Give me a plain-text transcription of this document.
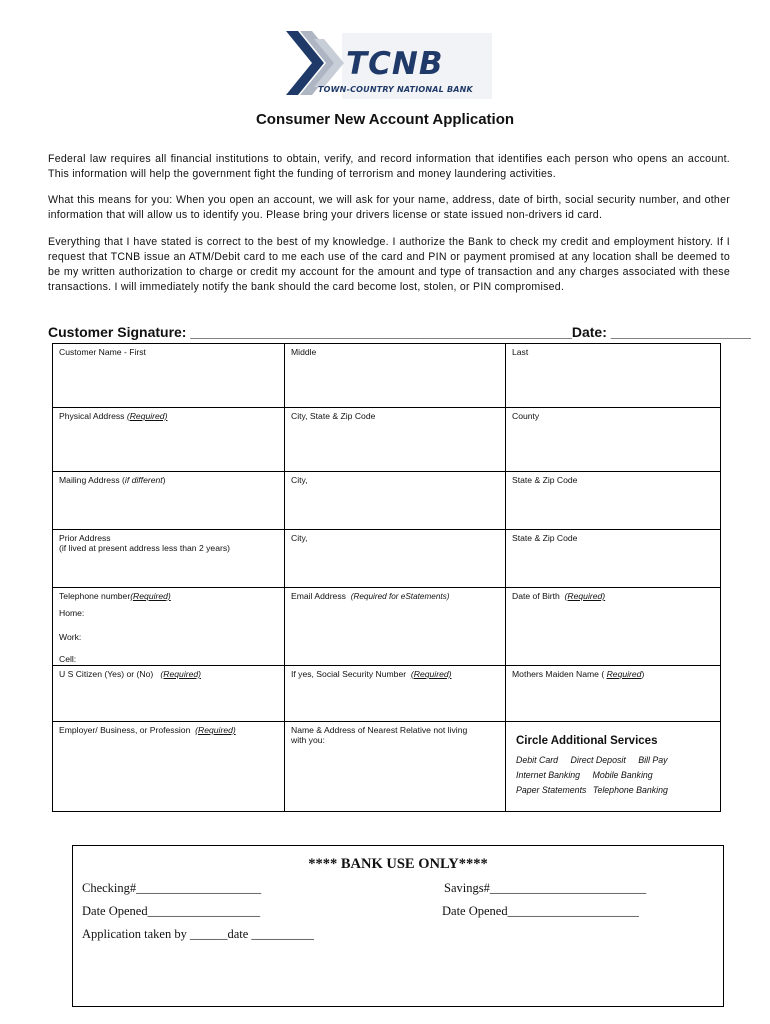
TCNB
TOWN-COUNTRY NATIONAL BANK
Consumer New Account Application
Federal law requires all financial institutions to obtain, verify, and record information that identifies each person who opens an account. This information will help the government fight the funding of terrorism and money laundering activities.
What this means for you: When you open an account, we will ask for your name, address, date of birth, social security number, and other information that will allow us to identify you. Please bring your drivers license or state issued non-drivers id card.
Everything that I have stated is correct to the best of my knowledge. I authorize the Bank to check my credit and employment history. If I request that TCNB issue an ATM/Debit card to me each use of the card and PIN or payment promised at any location shall be deemed to be my written authorization to charge or credit my account for the amount and type of transaction and any charges associated with these transactions. I will immediately notify the bank should the card become lost, stolen, or PIN compromised.
Customer Signature: _________________________________________________Date: __________________
Customer Name - First	Middle	Last

Physical Address (Required)	City, State & Zip Code	County
Mailing Address (if different)	City,	State & Zip Code

Prior Address
(if lived at present address less than 2 years)	City,	State & Zip Code
Telephone number(Required)
Home:
Work:
Cell:	Email Address (Required for eStatements)	Date of Birth (Required)
U S Citizen (Yes) or (No) (Required)	If yes, Social Security Number (Required)	Mothers Maiden Name ( Required)
Employer/ Business, or Profession (Required)	Name & Address of Nearest Relative not living with you:	Circle Additional Services
Debit Card Direct Deposit Bill Pay
Internet Banking Mobile Banking
Paper Statements Telephone Banking
**** BANK USE ONLY****
Checking#____________________	Savings#_________________________
Date Opened__________________	Date Opened_____________________
Application taken by ______date __________
